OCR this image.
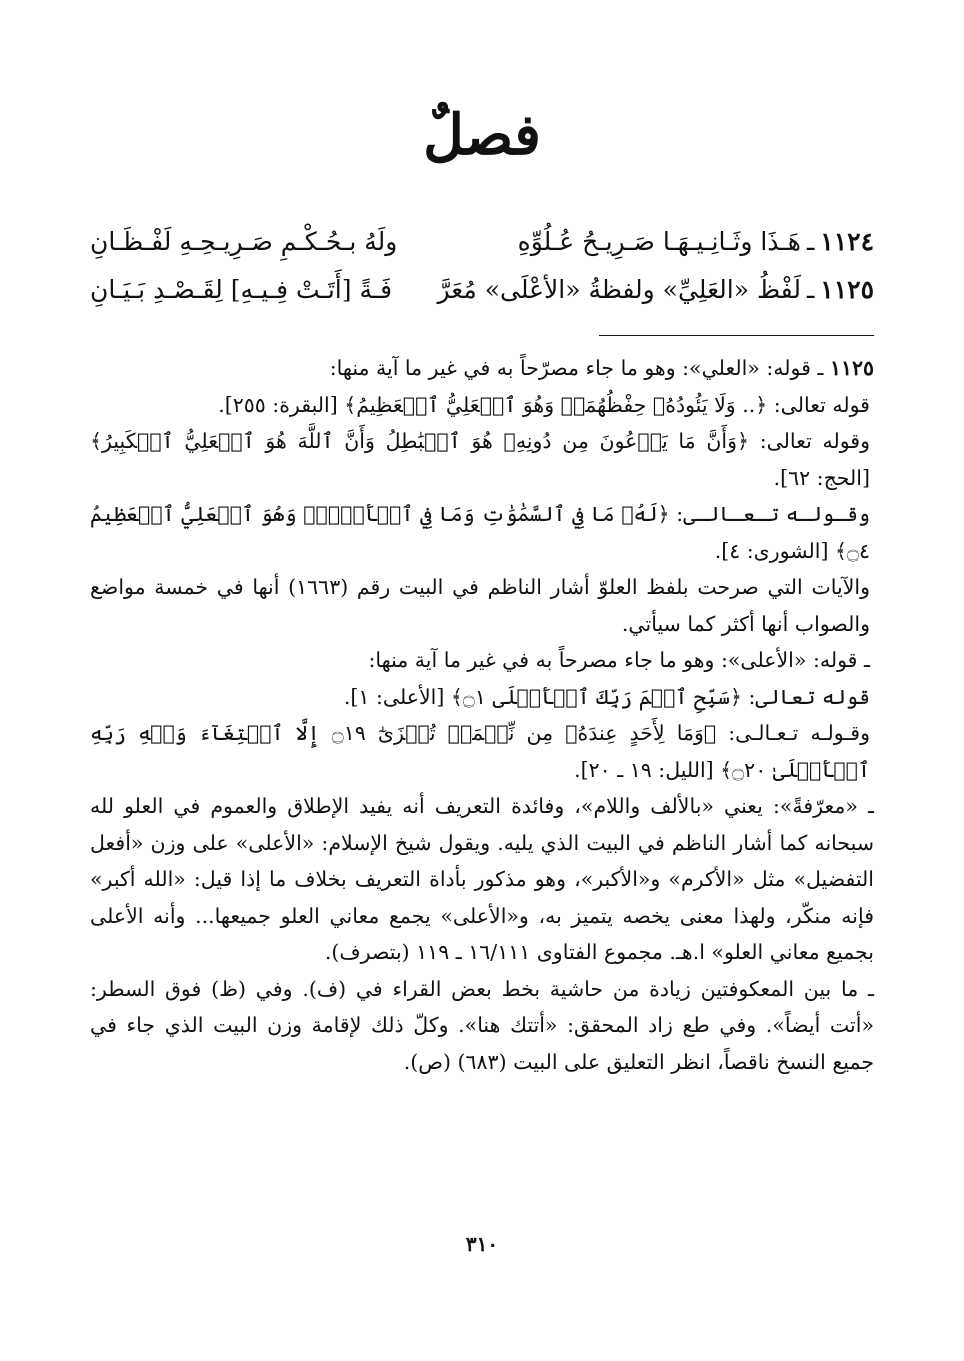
فصلٌ
١١٢٤
ـ
هَـذَا وثَـانِـيـهَـا صَـرِيـحُ عُـلُوِّهِ
ولَهُ بـحُـكْـمِ صَـرِيـحِـهِ لَفْـظَـانِ
١١٢٥
ـ
لَفْظُ «العَلِيِّ» ولفظةُ «الأعْلَى» مُعَرَّ
فَـةً [أَتَـتْ فِـيـهِ] لِقَـصْـدِ بَـيَـانِ

١١٢٥ ـ قوله: «العلي»: وهو ما جاء مصرّحاً به في غير ما آية منها:

قوله تعالى: ﴿.. وَلَا يَئُودُهُۥ حِفْظُهُمَاۚ وَهُوَ ٱلۡعَلِيُّ ٱلۡعَظِيمُ﴾ [البقرة: ٢٥٥].

وقوله تعالى: ﴿وَأَنَّ مَا يَدۡعُونَ مِن دُونِهِۦ هُوَ ٱلۡبَٰطِلُ وَأَنَّ ٱللَّهَ هُوَ ٱلۡعَلِيُّ ٱلۡكَبِيرُ﴾ [الحج: ٦٢].

وقـولـه تـعـالـى: ﴿لَهُۥ مَا فِي ٱلسَّمَٰوَٰتِ وَمَا فِي ٱلۡأَرۡضِۖ وَهُوَ ٱلۡعَلِيُّ ٱلۡعَظِيمُ ۝٤﴾ [الشورى: ٤].

والآيات التي صرحت بلفظ العلوّ أشار الناظم في البيت رقم (١٦٦٣) أنها في خمسة مواضع والصواب أنها أكثر كما سيأتي.

ـ قوله: «الأعلى»: وهو ما جاء مصرحاً به في غير ما آية منها:

قوله تعالى: ﴿سَبِّحِ ٱسۡمَ رَبِّكَ ٱلۡأَعۡلَى ۝١﴾ [الأعلى: ١].

وقـولـه تـعـالـى: ﴿وَمَا لِأَحَدٍ عِندَهُۥ مِن نِّعۡمَةٖ تُجۡزَىٰٓ ۝١٩ إِلَّا ٱبۡتِغَآءَ وَجۡهِ رَبِّهِ ٱلۡأَعۡلَىٰ ۝٢٠﴾ [الليل: ١٩ ـ ٢٠].

ـ «معرّفةً»: يعني «بالألف واللام»، وفائدة التعريف أنه يفيد الإطلاق والعموم في العلو لله سبحانه كما أشار الناظم في البيت الذي يليه. ويقول شيخ الإسلام: «الأعلى» على وزن «أفعل التفضيل» مثل «الأكرم» و«الأكبر»، وهو مذكور بأداة التعريف بخلاف ما إذا قيل: «الله أكبر» فإنه منكّر، ولهذا معنى يخصه يتميز به، و«الأعلى» يجمع معاني العلو جميعها... وأنه الأعلى بجميع معاني العلو» ا.هـ. مجموع الفتاوى ١٦/١١١ ـ ١١٩ (بتصرف).

ـ ما بين المعكوفتين زيادة من حاشية بخط بعض القراء في (ف). وفي (ظ) فوق السطر: «أتت أيضاً». وفي طع زاد المحقق: «أتتك هنا». وكلّ ذلك لإقامة وزن البيت الذي جاء في جميع النسخ ناقصاً، انظر التعليق على البيت (٦٨٣) (ص).

٣١٠
